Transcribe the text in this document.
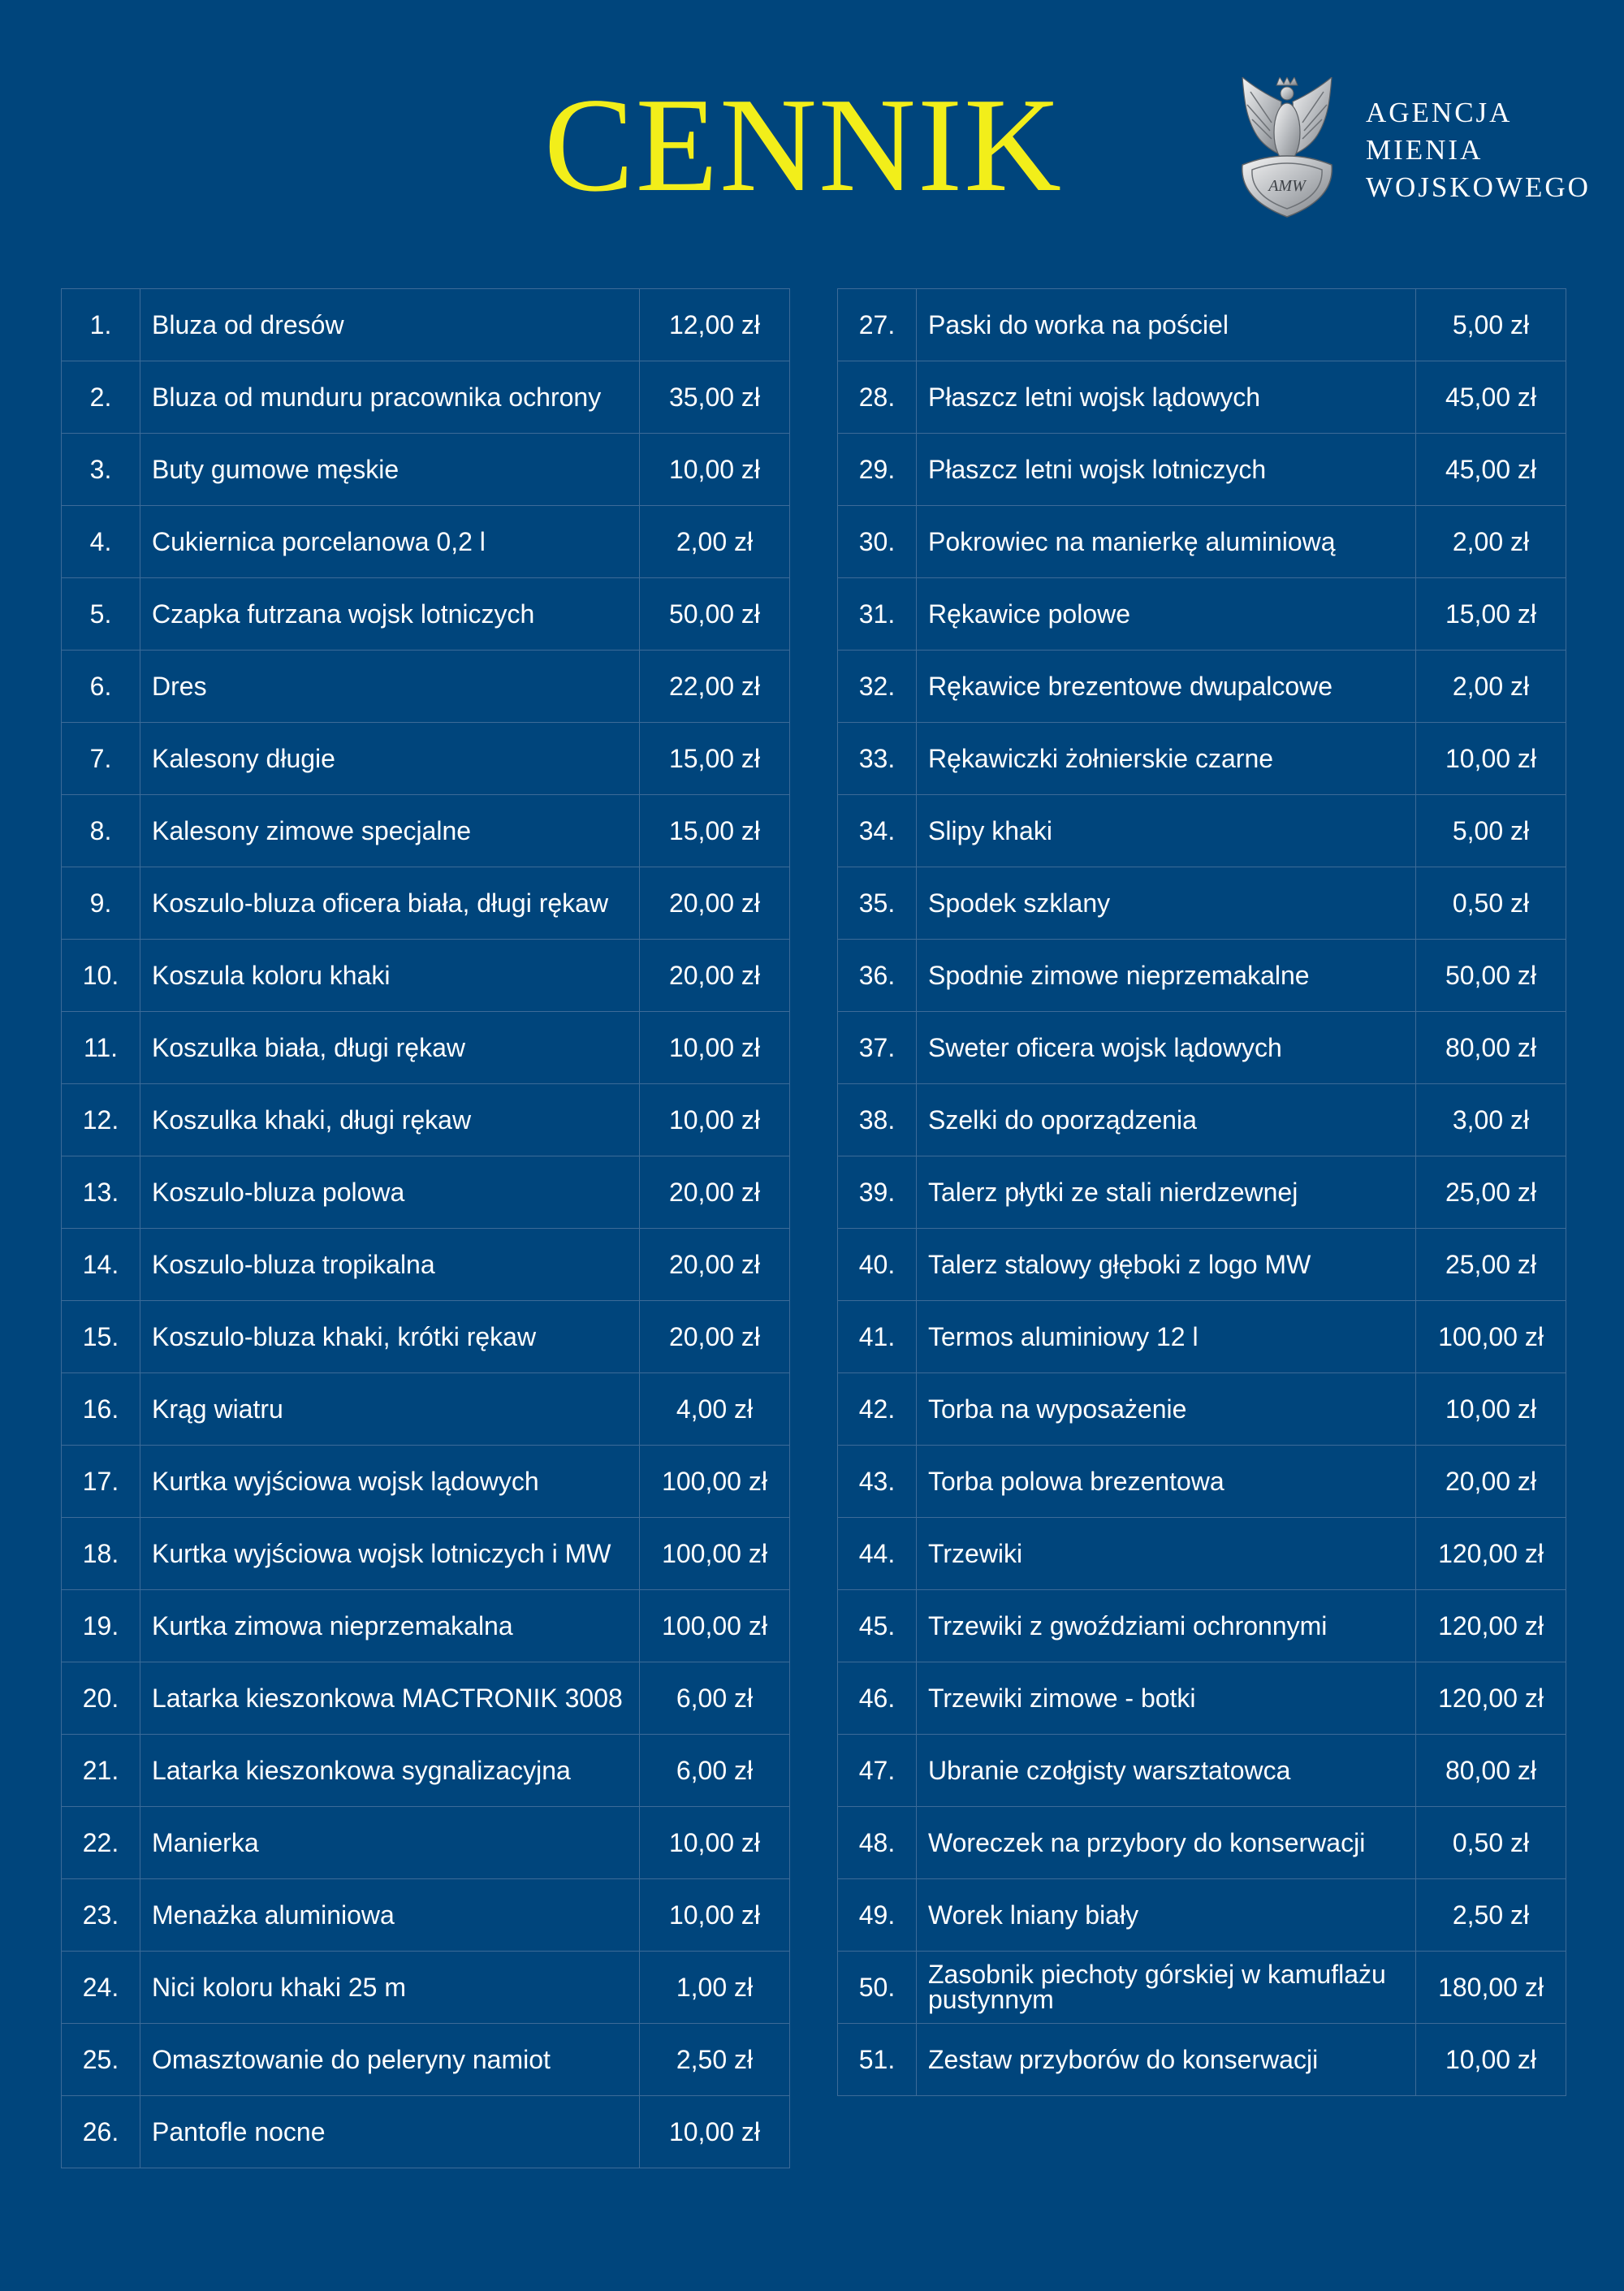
CENNIK	AMW
AGENCJA
MIENIA
WOJSKOWEGO
1.	Bluza od dresów	12,00 zł
2.	Bluza od munduru pracownika ochrony	35,00 zł
3.	Buty gumowe męskie	10,00 zł
4.	Cukiernica porcelanowa 0,2 l	2,00 zł
5.	Czapka futrzana wojsk lotniczych	50,00 zł
6.	Dres	22,00 zł
7.	Kalesony długie	15,00 zł
8.	Kalesony zimowe specjalne	15,00 zł
9.	Koszulo-bluza oficera biała, długi rękaw	20,00 zł
10.	Koszula koloru khaki	20,00 zł
11.	Koszulka biała, długi rękaw	10,00 zł
12.	Koszulka khaki, długi rękaw	10,00 zł
13.	Koszulo-bluza polowa	20,00 zł
14.	Koszulo-bluza tropikalna	20,00 zł
15.	Koszulo-bluza khaki, krótki rękaw	20,00 zł
16.	Krąg wiatru	4,00 zł
17.	Kurtka wyjściowa wojsk lądowych	100,00 zł
18.	Kurtka wyjściowa wojsk lotniczych i MW	100,00 zł
19.	Kurtka zimowa nieprzemakalna	100,00 zł
20.	Latarka kieszonkowa MACTRONIK 3008	6,00 zł
21.	Latarka kieszonkowa sygnalizacyjna	6,00 zł
22.	Manierka	10,00 zł
23.	Menażka aluminiowa	10,00 zł
24.	Nici koloru khaki 25 m	1,00 zł
25.	Omasztowanie do peleryny namiot	2,50 zł
26.	Pantofle nocne	10,00 zł
27.	Paski do worka na pościel	5,00 zł
28.	Płaszcz letni wojsk lądowych	45,00 zł
29.	Płaszcz letni wojsk lotniczych	45,00 zł
30.	Pokrowiec na manierkę aluminiową	2,00 zł
31.	Rękawice polowe	15,00 zł
32.	Rękawice brezentowe dwupalcowe	2,00 zł
33.	Rękawiczki żołnierskie czarne	10,00 zł
34.	Slipy khaki	5,00 zł
35.	Spodek szklany	0,50 zł
36.	Spodnie zimowe nieprzemakalne	50,00 zł
37.	Sweter oficera wojsk lądowych	80,00 zł
38.	Szelki do oporządzenia	3,00 zł
39.	Talerz płytki ze stali nierdzewnej	25,00 zł
40.	Talerz stalowy głęboki z logo MW	25,00 zł
41.	Termos aluminiowy 12 l	100,00 zł
42.	Torba na wyposażenie	10,00 zł
43.	Torba polowa brezentowa	20,00 zł
44.	Trzewiki	120,00 zł
45.	Trzewiki z gwoździami ochronnymi	120,00 zł
46.	Trzewiki zimowe - botki	120,00 zł
47.	Ubranie czołgisty warsztatowca	80,00 zł
48.	Woreczek na przybory do konserwacji	0,50 zł
49.	Worek lniany biały	2,50 zł
50.	Zasobnik piechoty górskiej w kamuflażu pustynnym	180,00 zł
51.	Zestaw przyborów do konserwacji	10,00 zł
